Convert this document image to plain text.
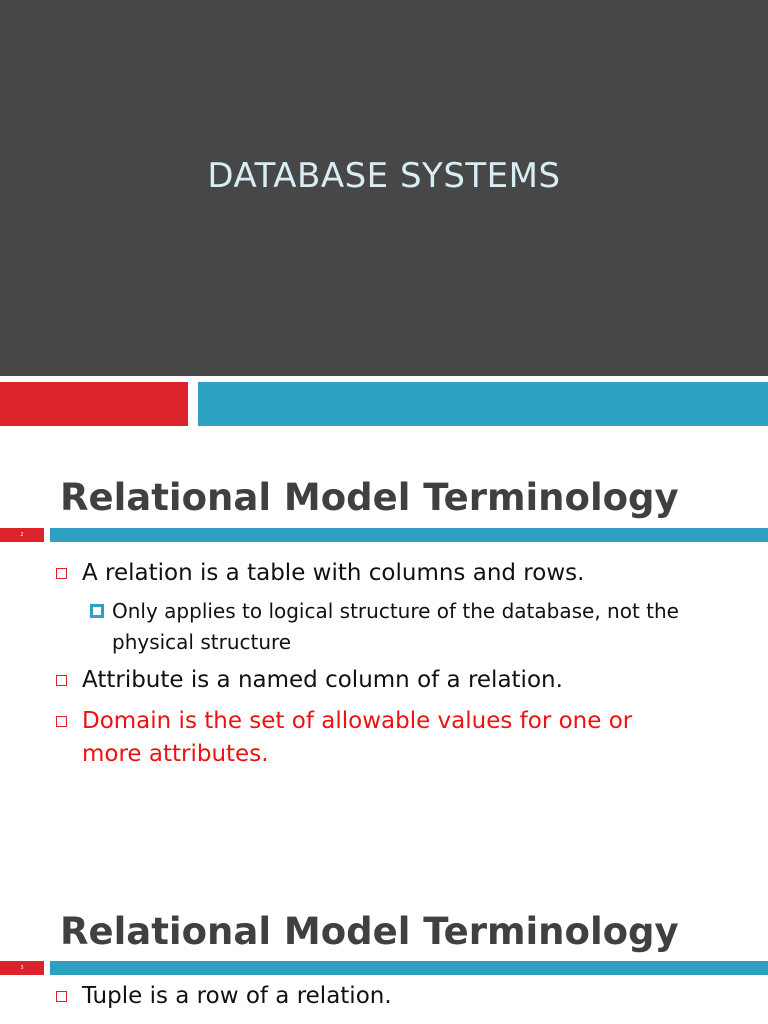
DATABASE SYSTEMS
Relational Model Terminology
2
A relation is a table with columns and rows.
Only applies to logical structure of the database, not the physical structure
Attribute is a named column of a relation.
Domain is the set of allowable values for one or more attributes.
Relational Model Terminology
3
Tuple is a row of a relation.
